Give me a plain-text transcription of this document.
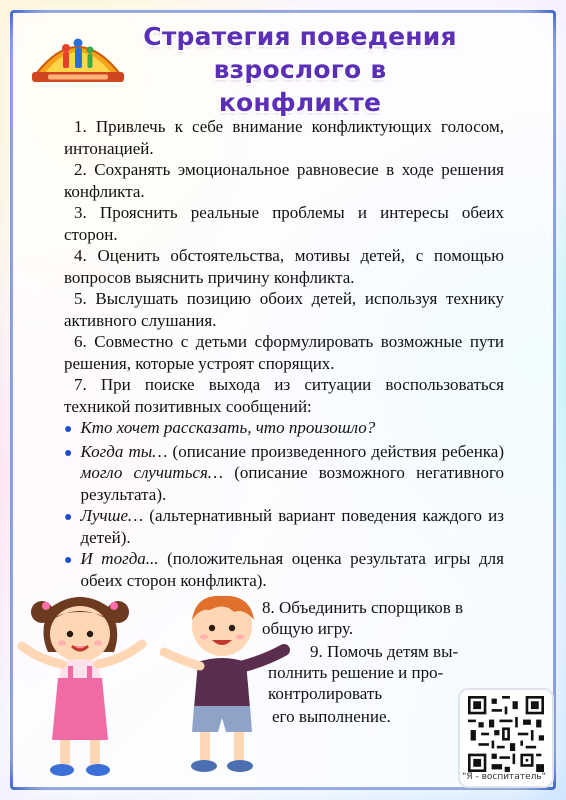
Стратегия поведения
взрослого в конфликте

1. Привлечь к себе внимание конфликтующих голосом, интонацией.

2. Сохранять эмоциональное равновесие в ходе решения конфликта.

3. Прояснить реальные проблемы и интересы обеих сторон.

4. Оценить обстоятельства, мотивы детей, с помощью вопросов выяснить причину конфликта.

5. Выслушать позицию обоих детей, используя технику активного слушания.

6. Совместно с детьми сформулировать возможные пути решения, которые устроят спорящих.

7. При поиске выхода из ситуации воспользоваться техникой позитивных сообщений:

● Кто хочет рассказать, что произошло?
● Когда ты… (описание произведенного действия ребенка) могло случиться… (описание возможного негативного результата).
● Лучше… (альтернативный вариант поведения каждого из детей).
● И тогда... (положительная оценка результата игры для обеих сторон конфликта).
8. Объединить спорщиков в общую игру.
9. Помочь детям вы-
полнить решение и про-
контролировать
его выполнение.
"Я - воспитатель"
